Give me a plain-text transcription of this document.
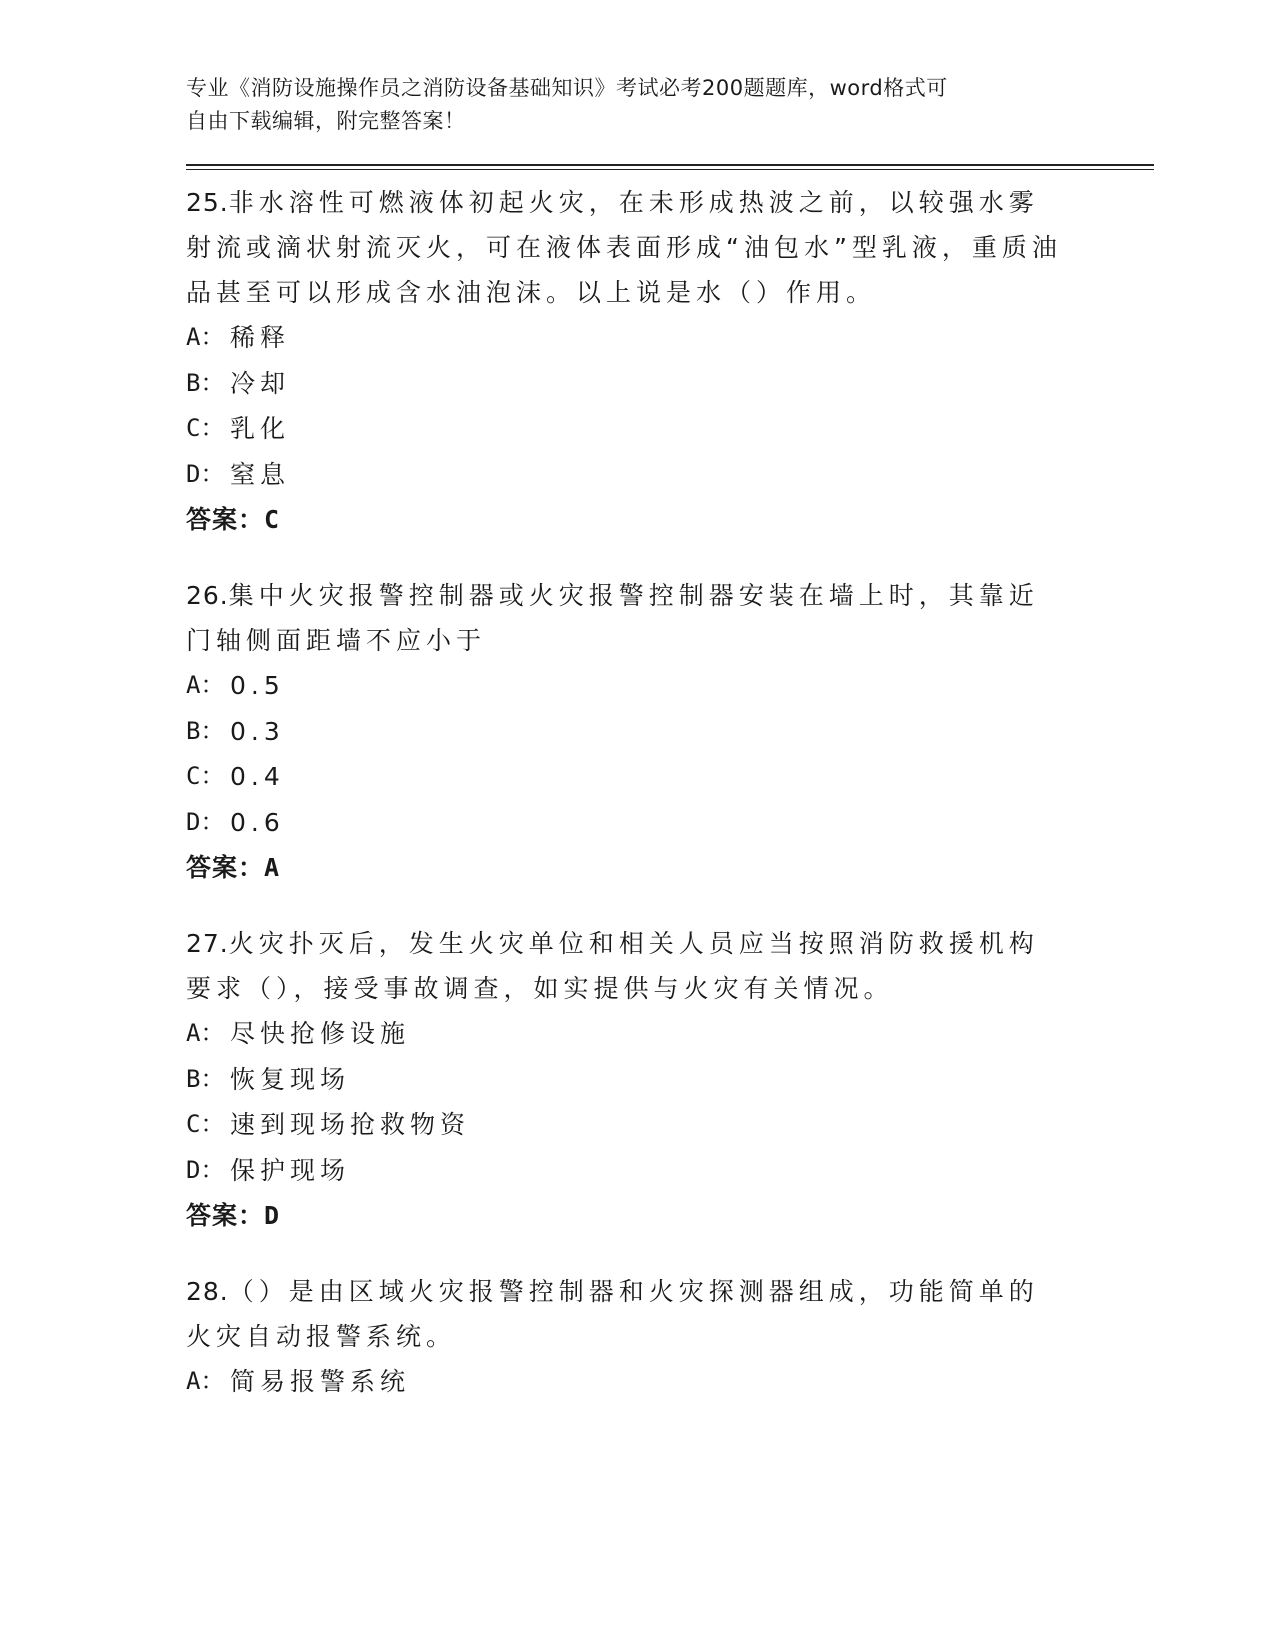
专业《消防设施操作员之消防设备基础知识》考试必考200题题库，word格式可
自由下载编辑，附完整答案！

25.非水溶性可燃液体初起火灾，在未形成热波之前，以较强水雾射流或滴状射流灭火，可在液体表面形成“油包水”型乳液，重质油品甚至可以形成含水油泡沫。以上说是水（）作用。

A： 稀释

B： 冷却

C： 乳化

D： 窒息

答案：C

26.集中火灾报警控制器或火灾报警控制器安装在墙上时，其靠近门轴侧面距墙不应小于

A： 0.5

B： 0.3

C： 0.4

D： 0.6

答案：A

27.火灾扑灭后，发生火灾单位和相关人员应当按照消防救援机构要求（），接受事故调查，如实提供与火灾有关情况。

A： 尽快抢修设施

B： 恢复现场

C： 速到现场抢救物资

D： 保护现场

答案：D

28.（）是由区域火灾报警控制器和火灾探测器组成，功能简单的火灾自动报警系统。

A： 简易报警系统
